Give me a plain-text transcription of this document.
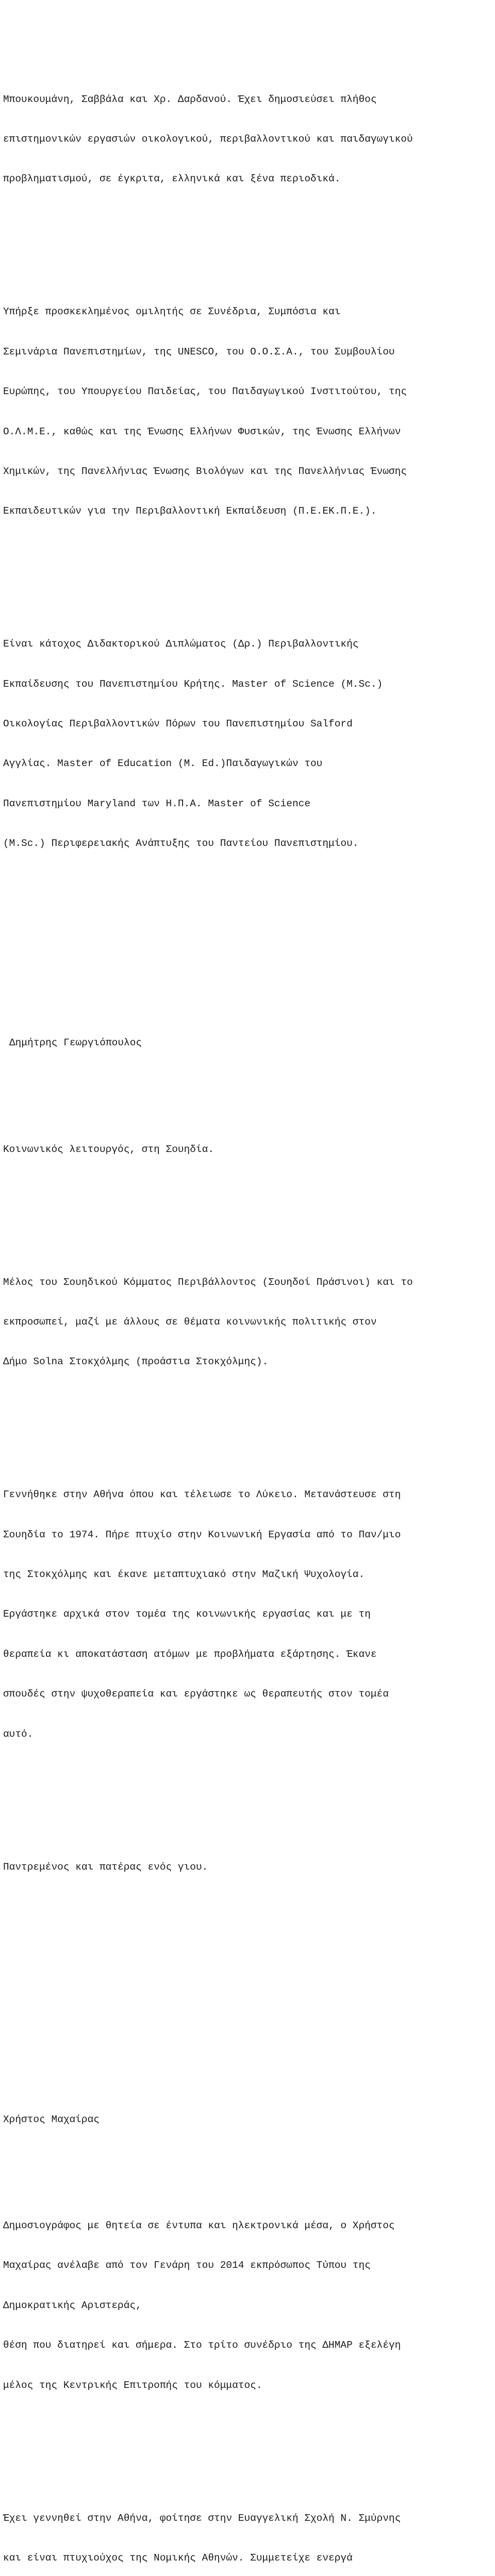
Μπουκουμάνη, Σαββάλα και Χρ. Δαρδανού. Έχει δημοσιεύσει πλήθος

επιστημονικών εργασιών οικολογικού, περιβαλλοντικού και παιδαγωγικού

προβληματισμού, σε έγκριτα, ελληνικά και ξένα περιοδικά.

Υπήρξε προσκεκλημένος ομιλητής σε Συνέδρια, Συμπόσια και

Σεμινάρια Πανεπιστημίων, της UNESCO, του Ο.Ο.Σ.Α., του Συμβουλίου

Ευρώπης, του Υπουργείου Παιδείας, του Παιδαγωγικού Ινστιτούτου, της

Ο.Λ.Μ.Ε., καθώς και της Ένωσης Ελλήνων Φυσικών, της Ένωσης Ελλήνων

Χημικών, της Πανελλήνιας Ένωσης Βιολόγων και της Πανελλήνιας Ένωσης

Εκπαιδευτικών για την Περιβαλλοντική Εκπαίδευση (Π.Ε.ΕΚ.Π.Ε.).

Είναι κάτοχος Διδακτορικού Διπλώματος (Δρ.) Περιβαλλοντικής

Εκπαίδευσης του Πανεπιστημίου Κρήτης. Master of Science (M.Sc.)

Οικολογίας Περιβαλλοντικών Πόρων του Πανεπιστημίου Salford

Αγγλίας. Master of Education (M. Ed.)Παιδαγωγικών του

Πανεπιστημίου Maryland των Η.Π.Α. Master of Science

(M.Sc.) Περιφερειακής Ανάπτυξης του Παντείου Πανεπιστημίου.

Δημήτρης Γεωργιόπουλος

Κοινωνικός λειτουργός, στη Σουηδία.

Μέλος του Σουηδικού Κόμματος Περιβάλλοντος (Σουηδοί Πράσινοι) και το

εκπροσωπεί, μαζί με άλλους σε θέματα κοινωνικής πολιτικής στον

Δήμο Solna Στοκχόλμης (προάστια Στοκχόλμης).

Γεννήθηκε στην Αθήνα όπου και τέλειωσε το Λύκειο. Μετανάστευσε στη

Σουηδία το 1974. Πήρε πτυχίο στην Κοινωνική Εργασία από το Παν/μιο

της Στοκχόλμης και έκανε μεταπτυχιακό στην Μαζική Ψυχολογία.

Εργάστηκε αρχικά στον τομέα της κοινωνικής εργασίας και με τη

θεραπεία κι αποκατάσταση ατόμων με προβλήματα εξάρτησης. Έκανε

σπουδές στην ψυχοθεραπεία και εργάστηκε ως θεραπευτής στον τομέα

αυτό.

Παντρεμένος και πατέρας ενός γιου.

Χρήστος Μαχαίρας

Δημοσιογράφος με θητεία σε έντυπα και ηλεκτρονικά μέσα, ο Χρήστος

Μαχαίρας ανέλαβε από τον Γενάρη του 2014 εκπρόσωπος Τύπου της

Δημοκρατικής Αριστεράς,

θέση που διατηρεί και σήμερα. Στο τρίτο συνέδριο της ΔΗΜΑΡ εξελέγη

μέλος της Κεντρικής Επιτροπής του κόμματος.

Έχει γεννηθεί στην Αθήνα, φοίτησε στην Ευαγγελική Σχολή Ν. Σμύρνης

και είναι πτυχιούχος της Νομικής Αθηνών. Συμμετείχε ενεργά
